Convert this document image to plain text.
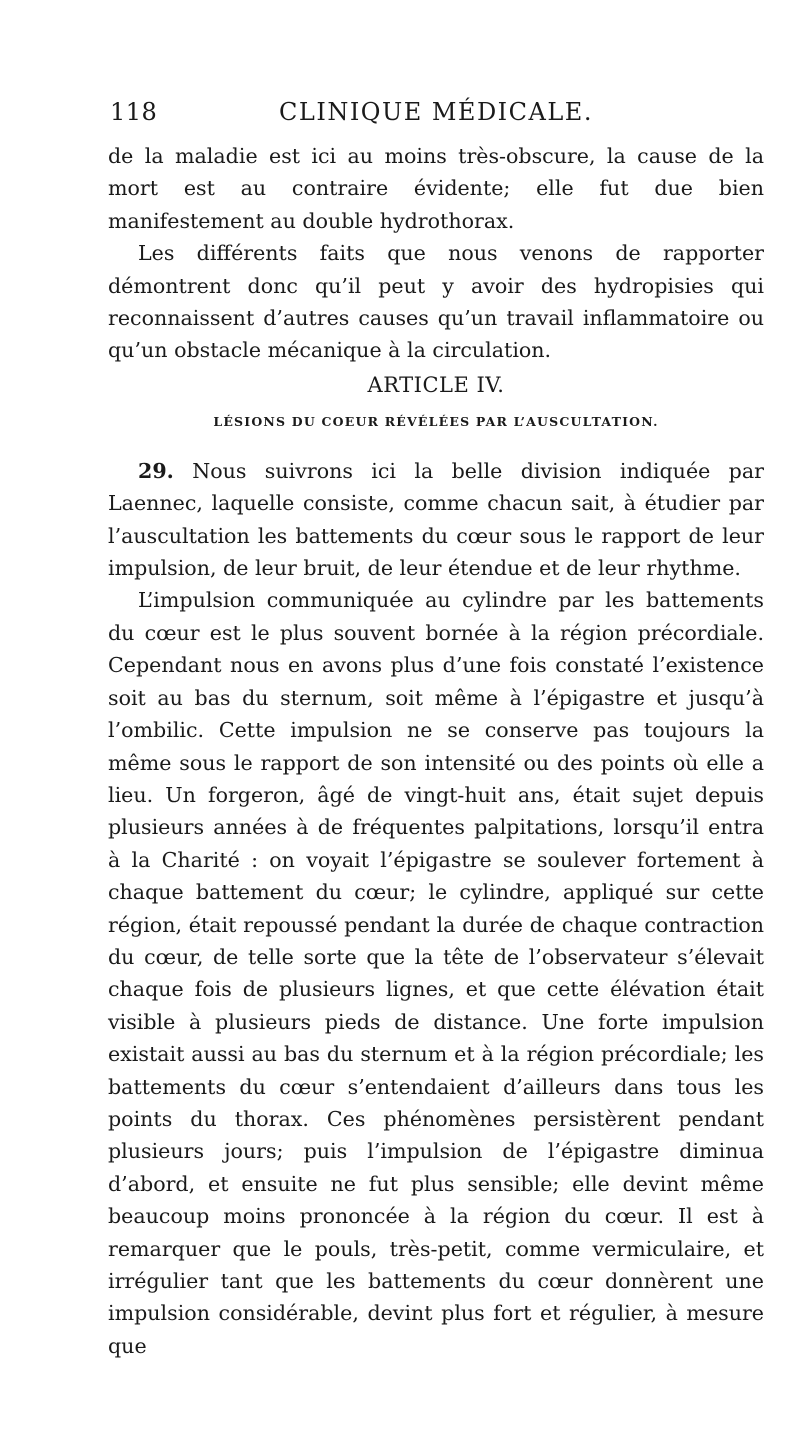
118	CLINIQUE MÉDICALE.

de la maladie est ici au moins très-obscure, la cause de la mort est au contraire évidente; elle fut due bien manifestement au double hydrothorax.

Les différents faits que nous venons de rapporter démontrent donc qu’il peut y avoir des hydropisies qui reconnaissent d’autres causes qu’un travail inflammatoire ou qu’un obstacle mécanique à la circulation.

ARTICLE IV.
LÉSIONS DU COEUR RÉVÉLÉES PAR L’AUSCULTATION.

29. Nous suivrons ici la belle division indiquée par Laennec, laquelle consiste, comme chacun sait, à étudier par l’auscultation les battements du cœur sous le rapport de leur impulsion, de leur bruit, de leur étendue et de leur rhythme.

L’impulsion communiquée au cylindre par les battements du cœur est le plus souvent bornée à la région précordiale. Cependant nous en avons plus d’une fois constaté l’existence soit au bas du sternum, soit même à l’épigastre et jusqu’à l’ombilic. Cette impulsion ne se conserve pas toujours la même sous le rapport de son intensité ou des points où elle a lieu. Un forgeron, âgé de vingt-huit ans, était sujet depuis plusieurs années à de fréquentes palpitations, lorsqu’il entra à la Charité : on voyait l’épigastre se soulever fortement à chaque battement du cœur; le cylindre, appliqué sur cette région, était repoussé pendant la durée de chaque contraction du cœur, de telle sorte que la tête de l’observateur s’élevait chaque fois de plusieurs lignes, et que cette élévation était visible à plusieurs pieds de distance. Une forte impulsion existait aussi au bas du sternum et à la région précordiale; les battements du cœur s’entendaient d’ailleurs dans tous les points du thorax. Ces phénomènes persistèrent pendant plusieurs jours; puis l’impulsion de l’épigastre diminua d’abord, et ensuite ne fut plus sensible; elle devint même beaucoup moins prononcée à la région du cœur. Il est à remarquer que le pouls, très-petit, comme vermiculaire, et irrégulier tant que les battements du cœur donnèrent une impulsion considérable, devint plus fort et régulier, à mesure que
